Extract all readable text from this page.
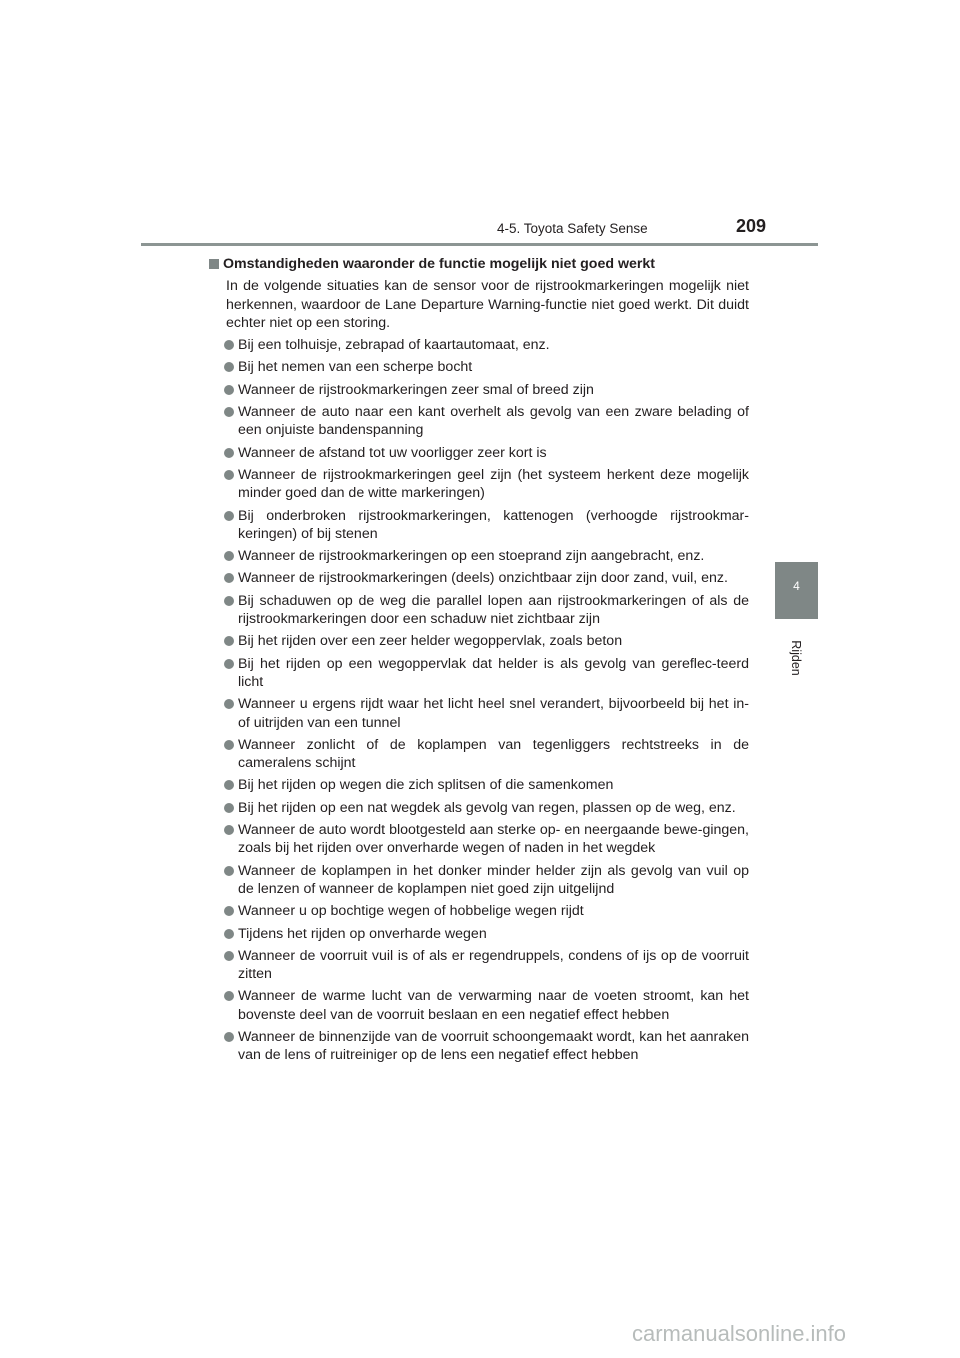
4-5. Toyota Safety Sense	209
4
Rijden
Omstandigheden waaronder de functie mogelijk niet goed werkt
In de volgende situaties kan de sensor voor de rijstrookmarkeringen mogelijk niet herkennen, waardoor de Lane Departure Warning-functie niet goed werkt. Dit duidt echter niet op een storing.
Bij een tolhuisje, zebrapad of kaartautomaat, enz.
Bij het nemen van een scherpe bocht
Wanneer de rijstrookmarkeringen zeer smal of breed zijn
Wanneer de auto naar een kant overhelt als gevolg van een zware belading of een onjuiste bandenspanning
Wanneer de afstand tot uw voorligger zeer kort is
Wanneer de rijstrookmarkeringen geel zijn (het systeem herkent deze mogelijk minder goed dan de witte markeringen)
Bij onderbroken rijstrookmarkeringen, kattenogen (verhoogde rijstrookmar-keringen) of bij stenen
Wanneer de rijstrookmarkeringen op een stoeprand zijn aangebracht, enz.
Wanneer de rijstrookmarkeringen (deels) onzichtbaar zijn door zand, vuil, enz.
Bij schaduwen op de weg die parallel lopen aan rijstrookmarkeringen of als de rijstrookmarkeringen door een schaduw niet zichtbaar zijn
Bij het rijden over een zeer helder wegoppervlak, zoals beton
Bij het rijden op een wegoppervlak dat helder is als gevolg van gereflec-teerd licht
Wanneer u ergens rijdt waar het licht heel snel verandert, bijvoorbeeld bij het in- of uitrijden van een tunnel
Wanneer zonlicht of de koplampen van tegenliggers rechtstreeks in de cameralens schijnt
Bij het rijden op wegen die zich splitsen of die samenkomen
Bij het rijden op een nat wegdek als gevolg van regen, plassen op de weg, enz.
Wanneer de auto wordt blootgesteld aan sterke op- en neergaande bewe-gingen, zoals bij het rijden over onverharde wegen of naden in het wegdek
Wanneer de koplampen in het donker minder helder zijn als gevolg van vuil op de lenzen of wanneer de koplampen niet goed zijn uitgelijnd
Wanneer u op bochtige wegen of hobbelige wegen rijdt
Tijdens het rijden op onverharde wegen
Wanneer de voorruit vuil is of als er regendruppels, condens of ijs op de voorruit zitten
Wanneer de warme lucht van de verwarming naar de voeten stroomt, kan het bovenste deel van de voorruit beslaan en een negatief effect hebben
Wanneer de binnenzijde van de voorruit schoongemaakt wordt, kan het aanraken van de lens of ruitreiniger op de lens een negatief effect hebben
carmanualsonline.info
